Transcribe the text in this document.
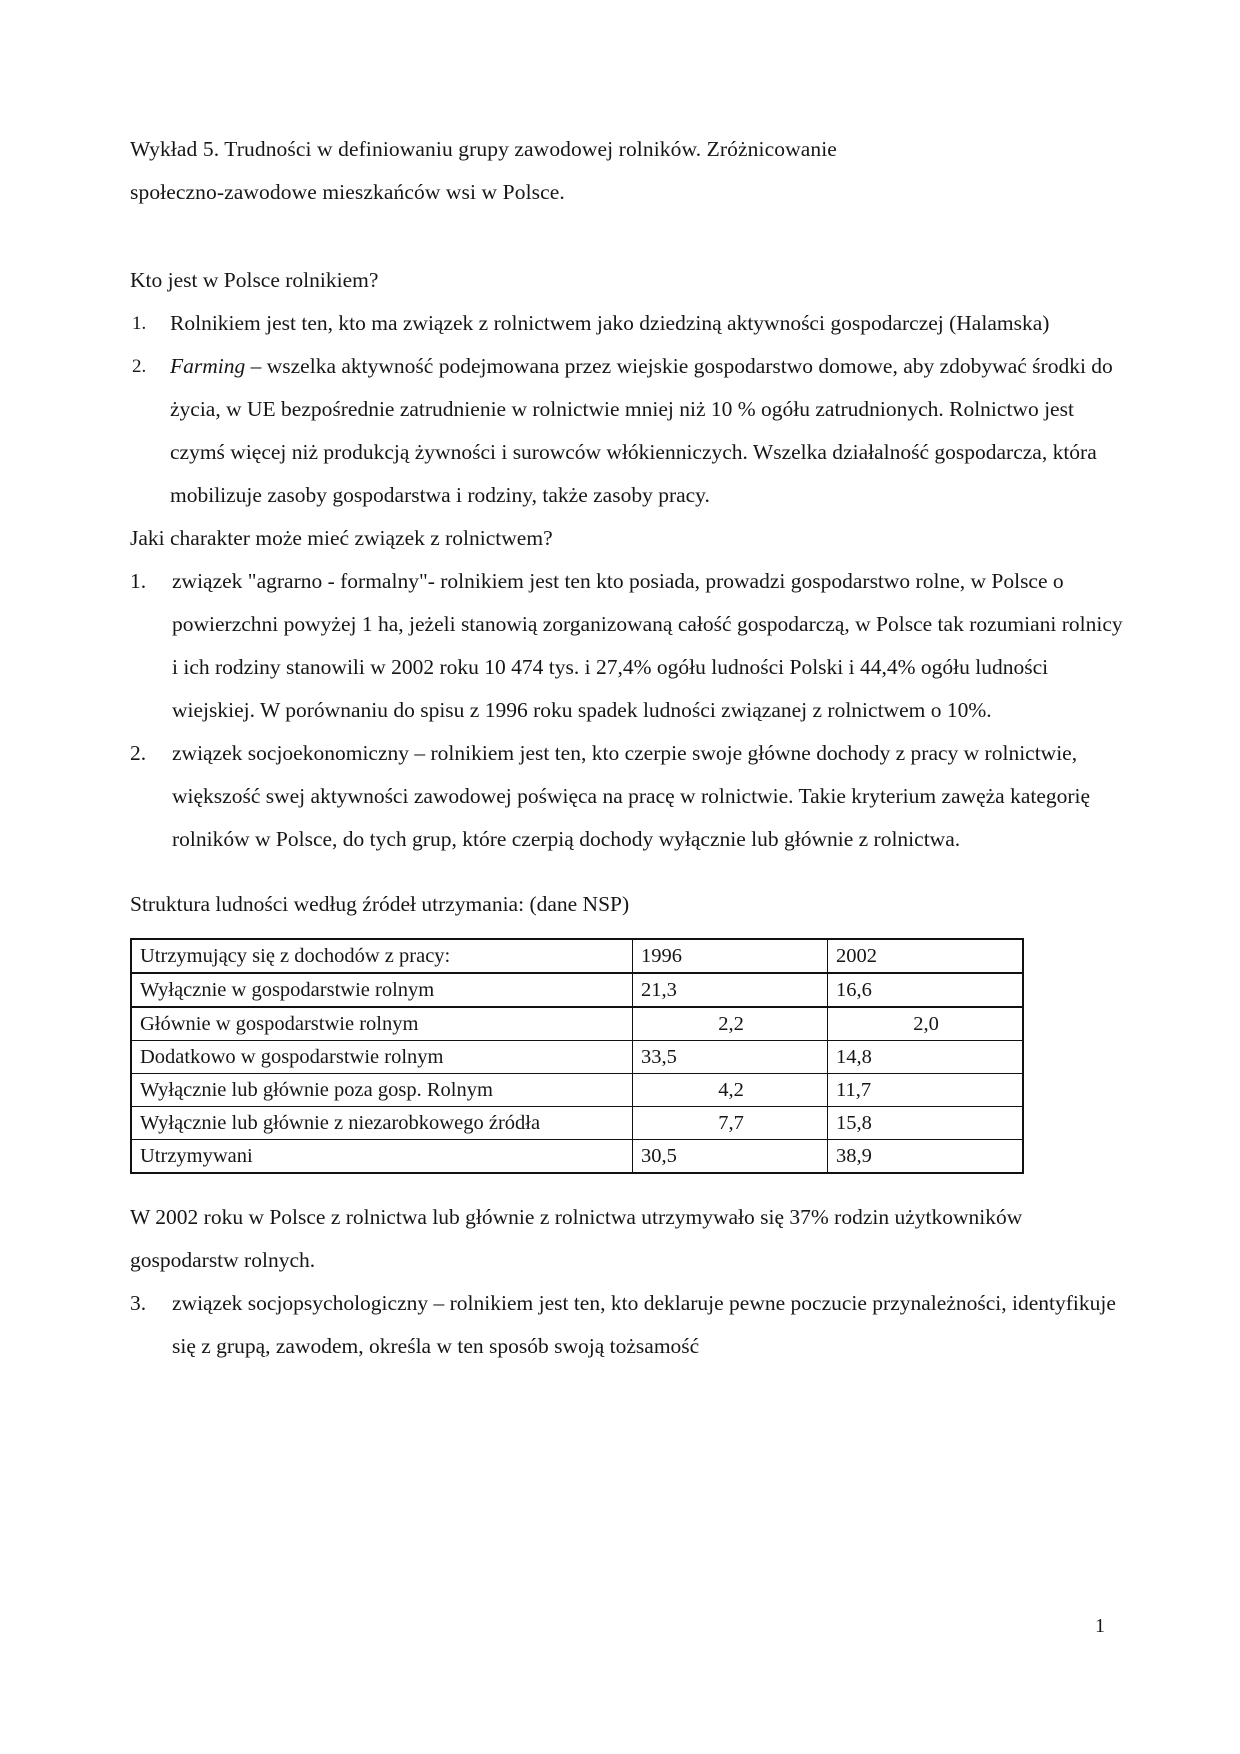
Wykład 5. Trudności w definiowaniu grupy zawodowej rolników. Zróżnicowanie

społeczno-zawodowe mieszkańców wsi w Polsce.

Kto jest w Polsce rolnikiem?

1.	Rolnikiem jest ten, kto ma związek z rolnictwem jako dziedziną aktywności gospodarczej (Halamska)
2.	Farming – wszelka aktywność podejmowana przez wiejskie gospodarstwo domowe, aby zdobywać środki do życia, w UE bezpośrednie zatrudnienie w rolnictwie mniej niż 10 % ogółu zatrudnionych. Rolnictwo jest czymś więcej niż produkcją żywności i surowców włókienniczych. Wszelka działalność gospodarcza, która mobilizuje zasoby gospodarstwa i rodziny, także zasoby pracy.

Jaki charakter może mieć związek z rolnictwem?

1.	związek "agrarno - formalny"- rolnikiem jest ten kto posiada, prowadzi gospodarstwo rolne, w Polsce o powierzchni powyżej 1 ha, jeżeli stanowią zorganizowaną całość gospodarczą, w Polsce tak rozumiani rolnicy i ich rodziny stanowili w 2002 roku 10 474 tys. i 27,4% ogółu ludności Polski i 44,4% ogółu ludności wiejskiej. W porównaniu do spisu z 1996 roku spadek ludności związanej z rolnictwem o 10%.
2.	związek socjoekonomiczny – rolnikiem jest ten, kto czerpie swoje główne dochody z pracy w rolnictwie, większość swej aktywności zawodowej poświęca na pracę w rolnictwie. Takie kryterium zawęża kategorię rolników w Polsce, do tych grup, które czerpią dochody wyłącznie lub głównie z rolnictwa.

Struktura ludności według źródeł utrzymania: (dane NSP)

Utrzymujący się z dochodów z pracy:	1996	2002
Wyłącznie w gospodarstwie rolnym	21,3	16,6
Głównie w gospodarstwie rolnym	2,2	2,0
Dodatkowo w gospodarstwie rolnym	33,5	14,8
Wyłącznie lub głównie poza gosp. Rolnym	4,2	11,7
Wyłącznie lub głównie z niezarobkowego źródła	7,7	15,8
Utrzymywani	30,5	38,9

W 2002 roku w Polsce z rolnictwa lub głównie z rolnictwa utrzymywało się 37% rodzin użytkowników gospodarstw rolnych.

3.	związek socjopsychologiczny – rolnikiem jest ten, kto deklaruje pewne poczucie przynależności, identyfikuje się z grupą, zawodem, określa w ten sposób swoją tożsamość
1
